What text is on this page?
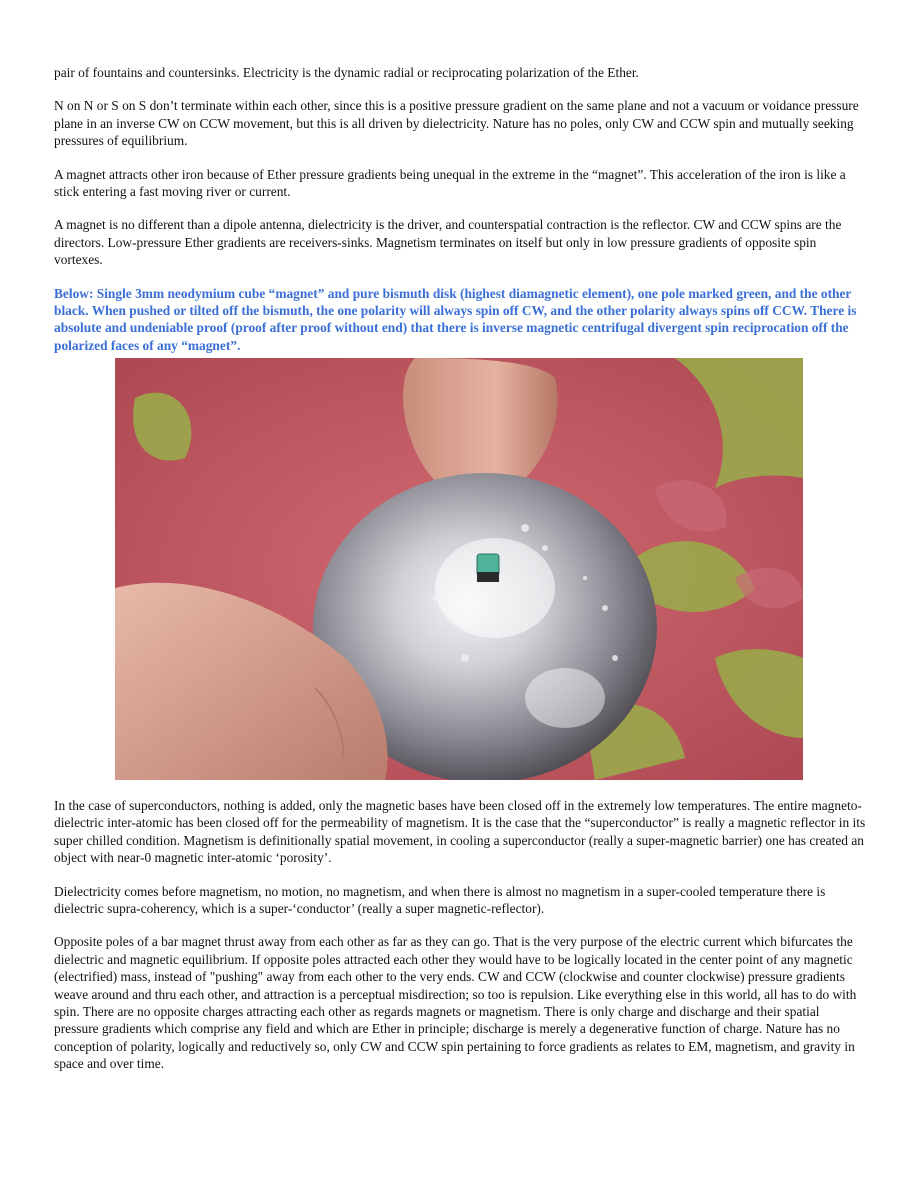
pair of fountains and countersinks. Electricity is the dynamic radial or reciprocating polarization of the Ether.

N on N or S on S don’t terminate within each other, since this is a positive pressure gradient on the same plane and not a vacuum or voidance pressure plane in an inverse CW on CCW movement, but this is all driven by dielectricity. Nature has no poles, only CW and CCW spin and mutually seeking pressures of equilibrium.

A magnet attracts other iron because of Ether pressure gradients being unequal in the extreme in the “magnet”. This acceleration of the iron is like a stick entering a fast moving river or current.

A magnet is no different than a dipole antenna, dielectricity is the driver, and counterspatial contraction is the reflector. CW and CCW spins are the directors. Low-pressure Ether gradients are receivers-sinks. Magnetism terminates on itself but only in low pressure gradients of opposite spin vortexes.

Below: Single 3mm neodymium cube “magnet” and pure bismuth disk (highest diamagnetic element), one pole marked green, and the other black. When pushed or tilted off the bismuth, the one polarity will always spin off CW, and the other polarity always spins off CCW. There is absolute and undeniable proof (proof after proof without end) that there is inverse magnetic centrifugal divergent spin reciprocation off the polarized faces of any “magnet”.

In the case of superconductors, nothing is added, only the magnetic bases have been closed off in the extremely low temperatures. The entire magneto-dielectric inter-atomic has been closed off for the permeability of magnetism. It is the case that the “superconductor” is really a magnetic reflector in its super chilled condition. Magnetism is definitionally spatial movement, in cooling a superconductor (really a super-magnetic barrier) one has created an object with near-0 magnetic inter-atomic ‘porosity’.

Dielectricity comes before magnetism, no motion, no magnetism, and when there is almost no magnetism in a super-cooled temperature there is dielectric supra-coherency, which is a super-‘conductor’ (really a super magnetic-reflector).

Opposite poles of a bar magnet thrust away from each other as far as they can go. That is the very purpose of the electric current which bifurcates the dielectric and magnetic equilibrium. If opposite poles attracted each other they would have to be logically located in the center point of any magnetic (electrified) mass, instead of "pushing" away from each other to the very ends. CW and CCW (clockwise and counter clockwise) pressure gradients weave around and thru each other, and attraction is a perceptual misdirection; so too is repulsion. Like everything else in this world, all has to do with spin. There are no opposite charges attracting each other as regards magnets or magnetism. There is only charge and discharge and their spatial pressure gradients which comprise any field and which are Ether in principle; discharge is merely a degenerative function of charge. Nature has no conception of polarity, logically and reductively so, only CW and CCW spin pertaining to force gradients as relates to EM, magnetism, and gravity in space and over time.
